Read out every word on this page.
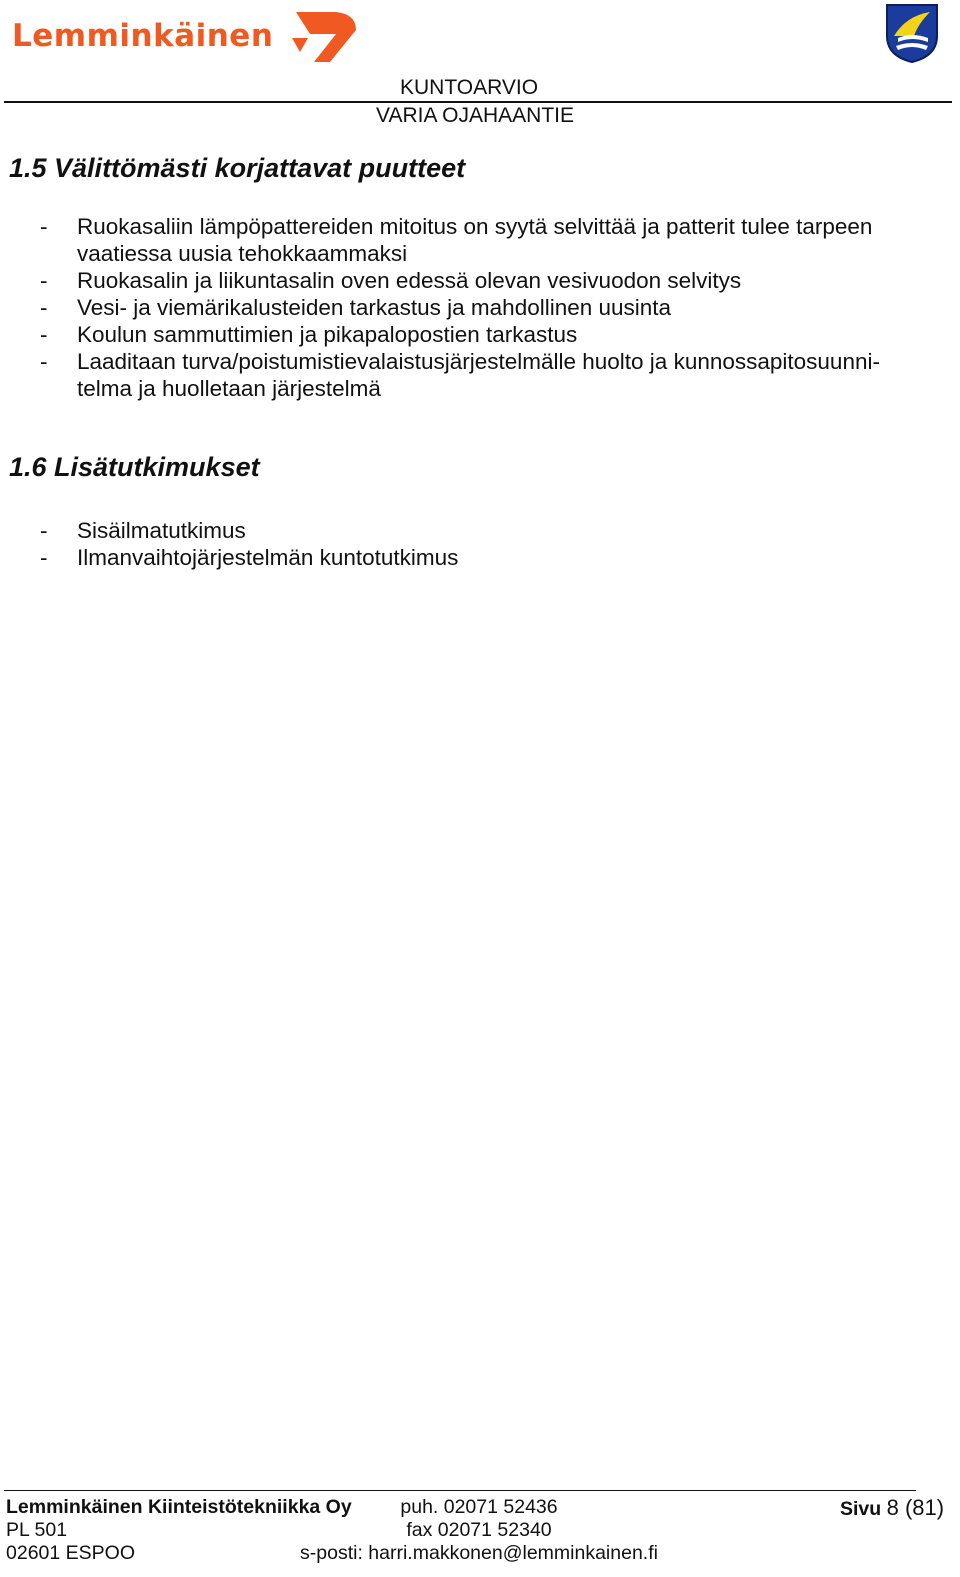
Lemminkäinen
KUNTOARVIO
VARIA OJAHAANTIE
1.5 Välittömästi korjattavat puutteet
- Ruokasaliin lämpöpattereiden mitoitus on syytä selvittää ja patterit tulee tarpeen vaatiessa uusia tehokkaammaksi
- Ruokasalin ja liikuntasalin oven edessä olevan vesivuodon selvitys
- Vesi- ja viemärikalusteiden tarkastus ja mahdollinen uusinta
- Koulun sammuttimien ja pikapalopostien tarkastus
- Laaditaan turva/poistumistievalaistusjärjestelmälle huolto ja kunnossapitosuunni-telma ja huolletaan järjestelmä
1.6 Lisätutkimukset
- Sisäilmatutkimus
- Ilmanvaihtojärjestelmän kuntotutkimus
Lemminkäinen Kiinteistötekniikka Oy
PL 501
02601 ESPOO
puh. 02071 52436
fax 02071 52340
s-posti: harri.makkonen@lemminkainen.fi
Sivu 8 (81)
